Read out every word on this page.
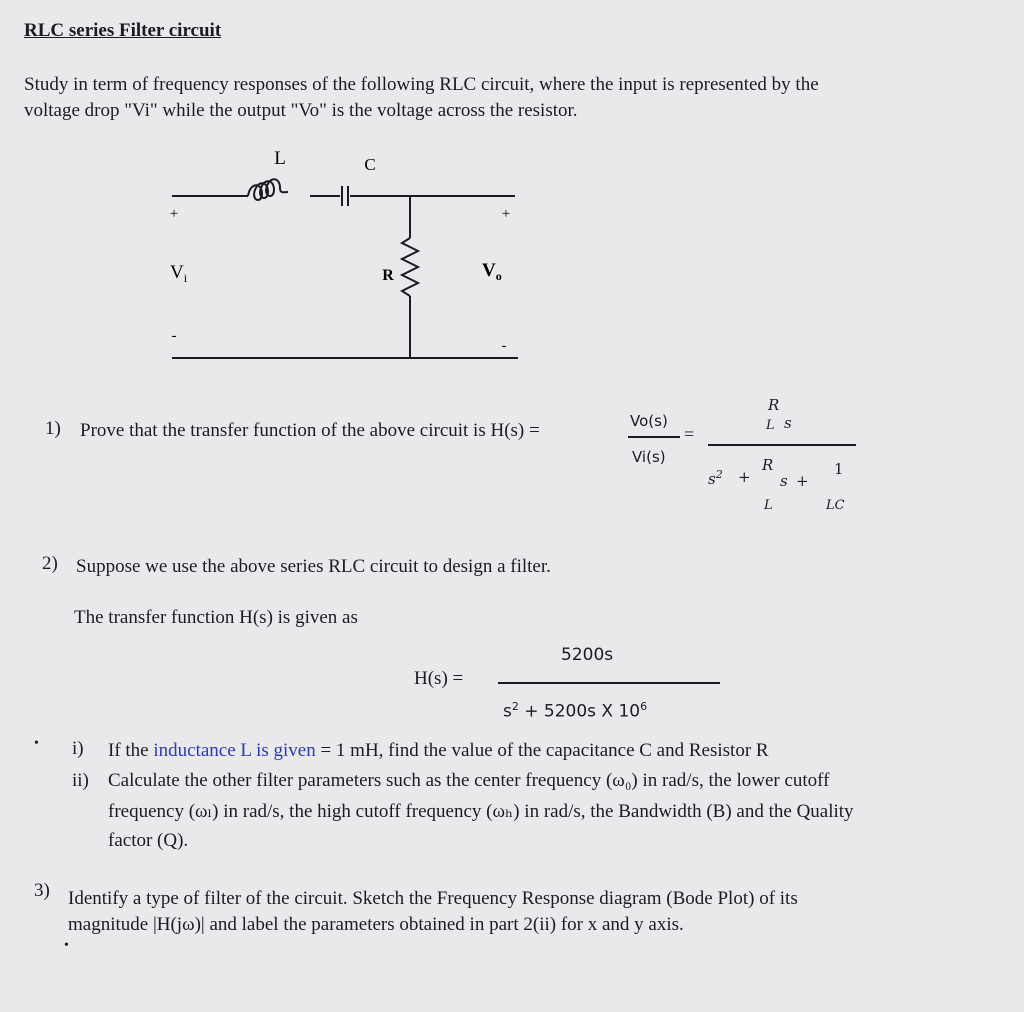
RLC series Filter circuit
Study in term of frequency responses of the following RLC circuit, where the input is represented by the
voltage drop "Vi" while the output "Vo" is the voltage across the resistor.
L	C
R
+	+
-
-
$V_i$	$V_o$
1) Prove that the transfer function of the above circuit is H(s) =	Vo(s)
Vi(s)
=
R
L s
$s^2$ +
R
L
s +
1
LC
2) Suppose we use the above series RLC circuit to design a filter.
The transfer function H(s) is given as
H(s) =
5200s
$s^2 + 5200s$ X $10^6$
• i) If the inductance L is given = 1 mH, find the value of the capacitance C and Resistor R
ii) Calculate the other filter parameters such as the center frequency (ω₀) in rad/s, the lower cutoff
frequency (ωₗ) in rad/s, the high cutoff frequency (ωₕ) in rad/s, the Bandwidth (B) and the Quality
factor (Q).
3) Identify a type of filter of the circuit. Sketch the Frequency Response diagram (Bode Plot) of its
magnitude |H(jω)| and label the parameters obtained in part 2(ii) for x and y axis.
•
